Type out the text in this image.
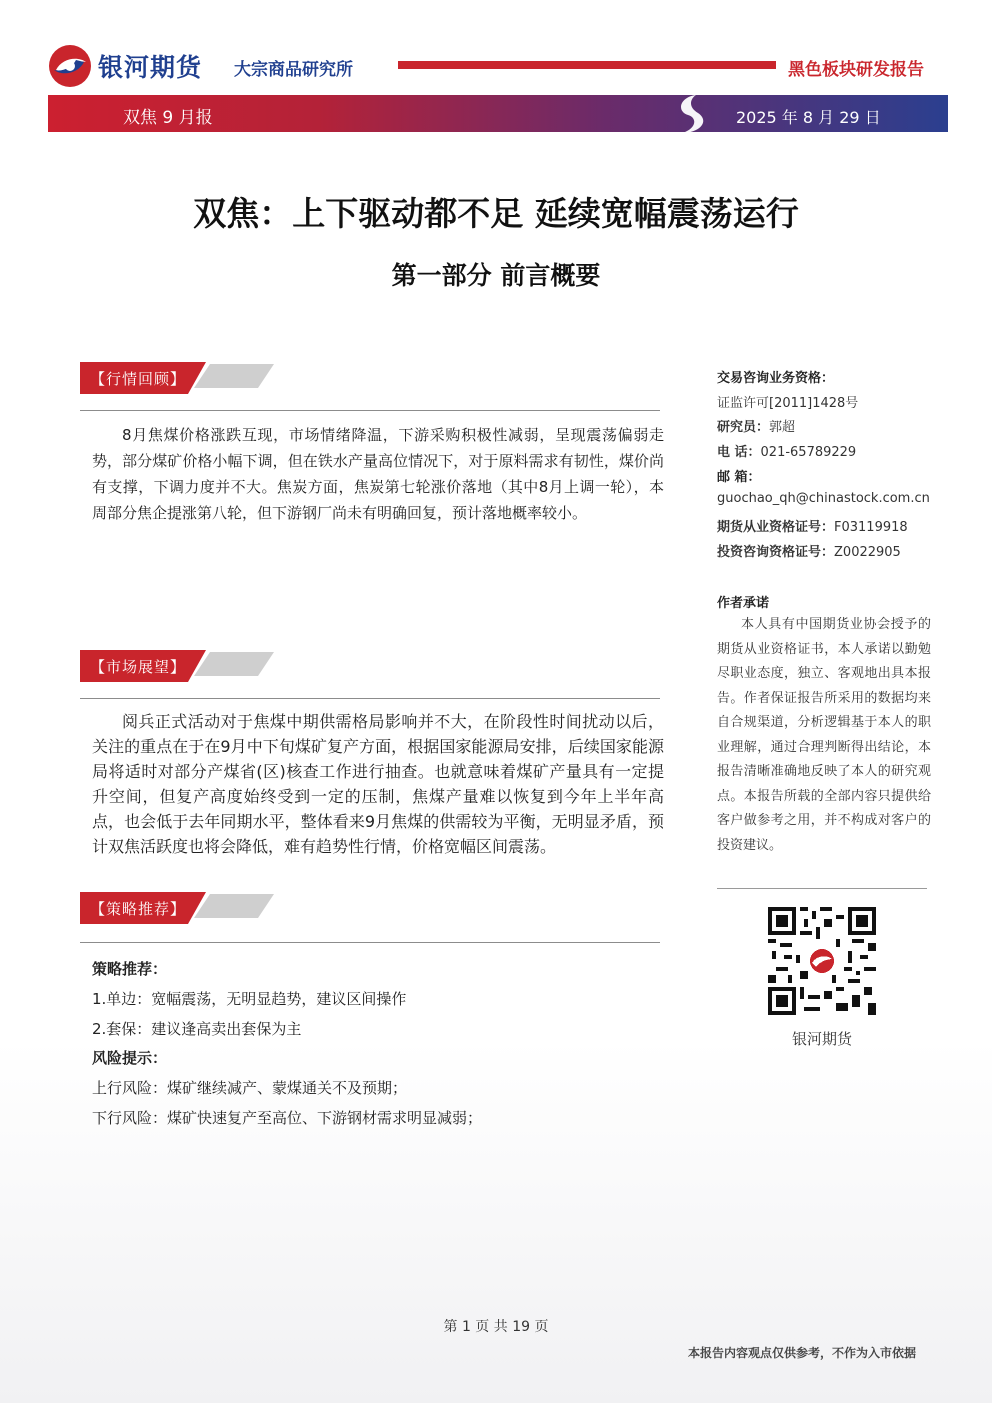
银河期货 大宗商品研究所	黑色板块研发报告
双焦 9 月报	2025 年 8 月 29 日
双焦：上下驱动都不足 延续宽幅震荡运行
第一部分 前言概要
【行情回顾】
8月焦煤价格涨跌互现，市场情绪降温，下游采购积极性减弱，呈现震荡偏弱走势，部分煤矿价格小幅下调，但在铁水产量高位情况下，对于原料需求有韧性，煤价尚有支撑，下调力度并不大。焦炭方面，焦炭第七轮涨价落地（其中8月上调一轮），本周部分焦企提涨第八轮，但下游钢厂尚未有明确回复，预计落地概率较小。
【市场展望】
阅兵正式活动对于焦煤中期供需格局影响并不大，在阶段性时间扰动以后，关注的重点在于在9月中下旬煤矿复产方面，根据国家能源局安排，后续国家能源局将适时对部分产煤省(区)核查工作进行抽查。也就意味着煤矿产量具有一定提升空间，但复产高度始终受到一定的压制，焦煤产量难以恢复到今年上半年高点，也会低于去年同期水平，整体看来9月焦煤的供需较为平衡，无明显矛盾，预计双焦活跃度也将会降低，难有趋势性行情，价格宽幅区间震荡。
【策略推荐】
策略推荐：
1.单边：宽幅震荡，无明显趋势，建议区间操作
2.套保：建议逢高卖出套保为主
风险提示：
上行风险：煤矿继续减产、蒙煤通关不及预期；
下行风险：煤矿快速复产至高位、下游钢材需求明显减弱；
交易咨询业务资格：
证监许可[2011]1428号
研究员：郭超
电 话：021-65789229
邮 箱：
guochao_qh@chinastock.com.cn
期货从业资格证号：F03119918
投资咨询资格证号：Z0022905
作者承诺
本人具有中国期货业协会授予的期货从业资格证书，本人承诺以勤勉尽职业态度，独立、客观地出具本报告。作者保证报告所采用的数据均来自合规渠道，分析逻辑基于本人的职业理解，通过合理判断得出结论，本报告清晰准确地反映了本人的研究观点。本报告所载的全部内容只提供给客户做参考之用，并不构成对客户的投资建议。
银河期货
第 1 页 共 19 页
本报告内容观点仅供参考，不作为入市依据
